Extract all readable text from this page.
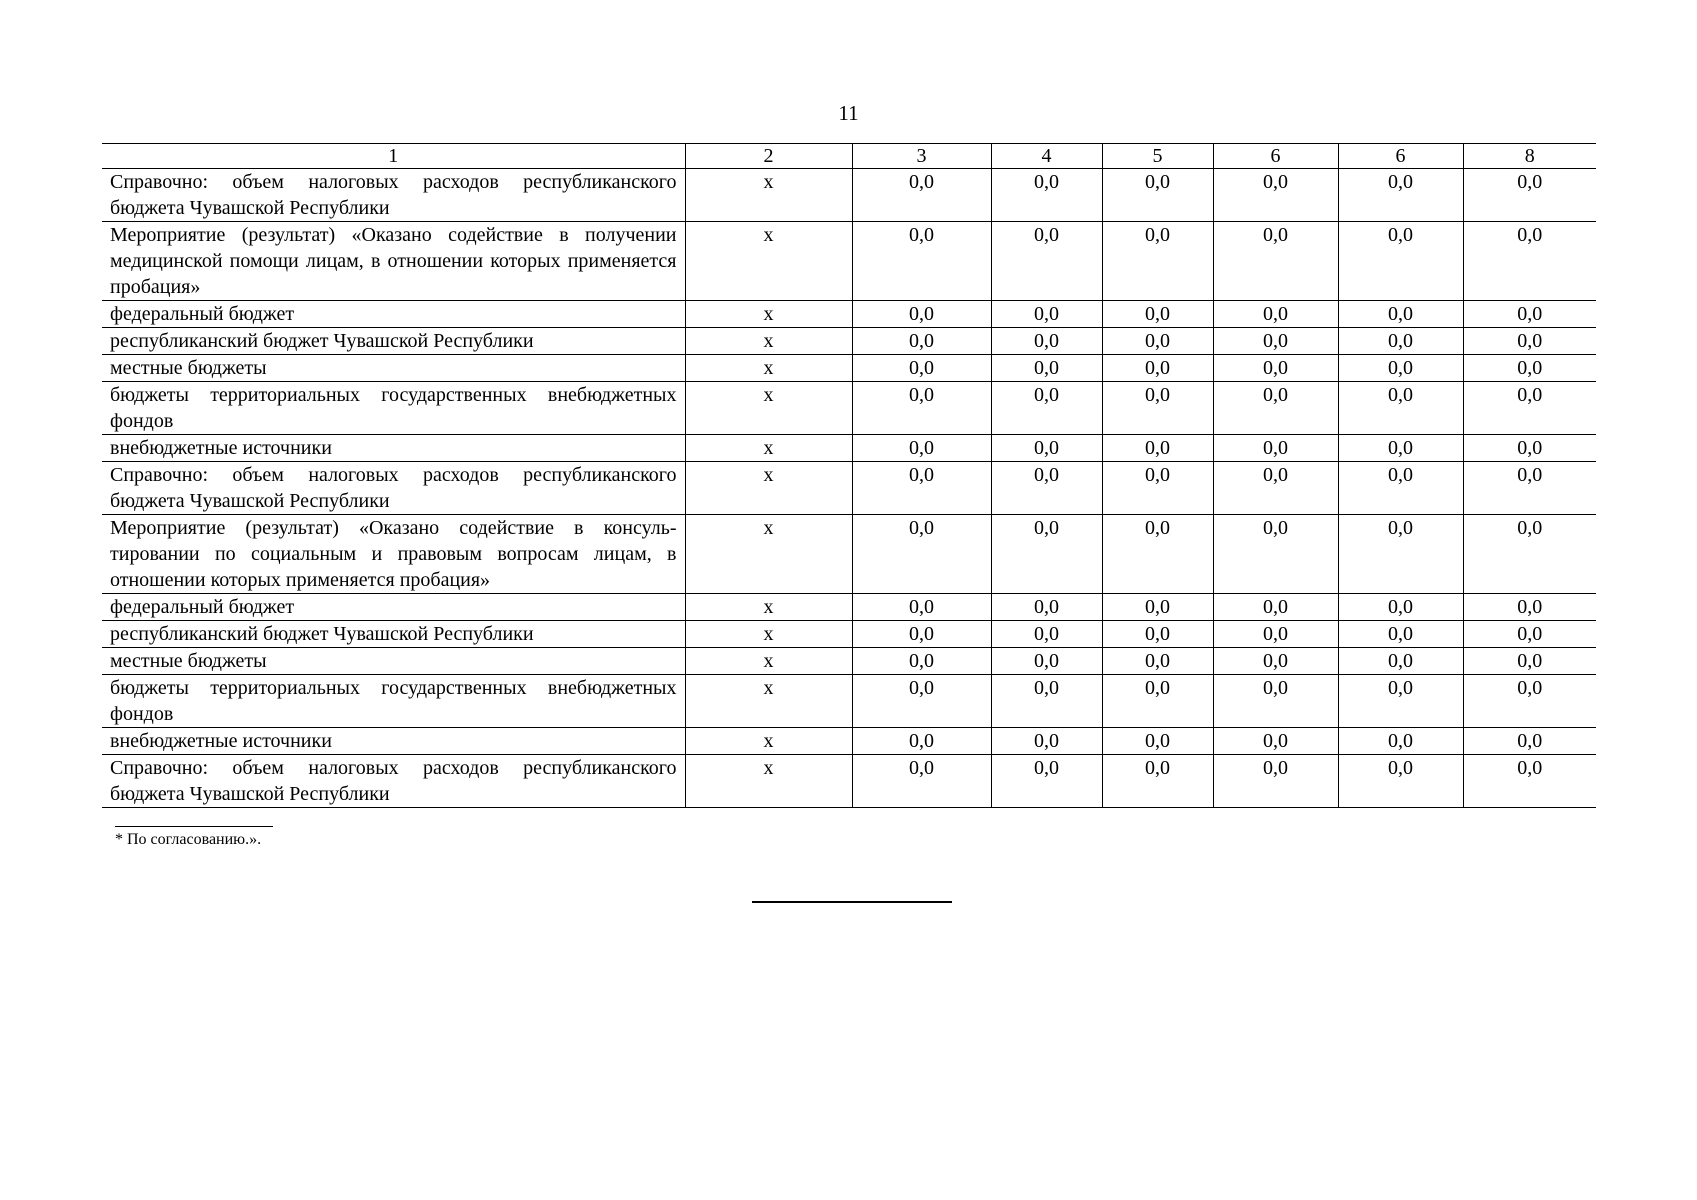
11
1	2	3	4	5	6	6	8
Справочно: объем налоговых расходов республиканского бюджета Чувашской Республики	x	0,0	0,0	0,0	0,0	0,0	0,0
Мероприятие (результат) «Оказано содействие в получении медицинской помощи лицам, в отношении которых применяется пробация»	x	0,0	0,0	0,0	0,0	0,0	0,0
федеральный бюджет	x	0,0	0,0	0,0	0,0	0,0	0,0
республиканский бюджет Чувашской Республики	x	0,0	0,0	0,0	0,0	0,0	0,0
местные бюджеты	x	0,0	0,0	0,0	0,0	0,0	0,0
бюджеты территориальных государственных внебюджетных фондов	x	0,0	0,0	0,0	0,0	0,0	0,0
внебюджетные источники	x	0,0	0,0	0,0	0,0	0,0	0,0
Справочно: объем налоговых расходов республиканского бюджета Чувашской Республики	x	0,0	0,0	0,0	0,0	0,0	0,0
Мероприятие (результат) «Оказано содействие в консультировании по социальным и правовым вопросам лицам, в отношении которых применяется пробация»	x	0,0	0,0	0,0	0,0	0,0	0,0
федеральный бюджет	x	0,0	0,0	0,0	0,0	0,0	0,0
республиканский бюджет Чувашской Республики	x	0,0	0,0	0,0	0,0	0,0	0,0
местные бюджеты	x	0,0	0,0	0,0	0,0	0,0	0,0
бюджеты территориальных государственных внебюджетных фондов	x	0,0	0,0	0,0	0,0	0,0	0,0
внебюджетные источники	x	0,0	0,0	0,0	0,0	0,0	0,0
Справочно: объем налоговых расходов республиканского бюджета Чувашской Республики	x	0,0	0,0	0,0	0,0	0,0	0,0
* По согласованию.».
